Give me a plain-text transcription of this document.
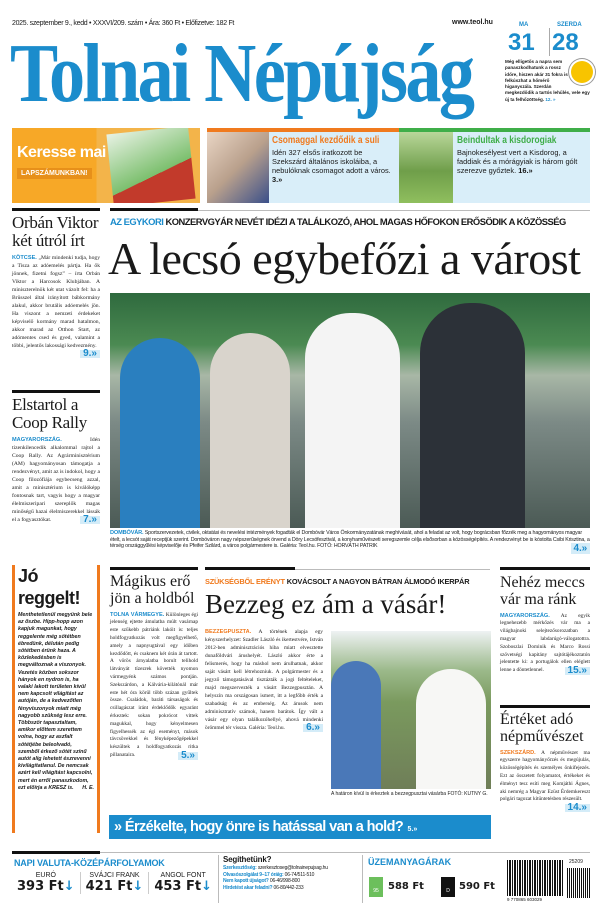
2025. szeptember 9., kedd • XXXVI/209. szám • Ára: 360 Ft • Előfizetve: 182 Ft	www.teol.hu
Tolnai Népújság
MA	SZERDA
31 28
Még elligetős a napra sem panaszkodhatunk a rossz időre, hiszen akár 31 fokra is felkúszhat a hőmérő higanyszála. Szerdán megkezdődik a tartós lehűlés, vele egy új ta felhőzöttség. 12. »
Keresse mai
LAPSZÁMUNKBAN!
Csomaggal kezdődik a suli
Idén 327 elsős iratkozott be Szekszárd általános iskoláiba, a nebulóknak csomagot adott a város. 3.»
Beindultak a kisdorogiak
Bajnokesélyest vert a Kisdorog, a faddiak és a mórágyiak is három gólt szerezve győztek. 16.»
Orbán Viktor két útról írt
KÖTCSE. „Már mindenki tudja, hogy a Tisza az adóemelés pártja. Ha ők jönnek, fizetni fogsz” – írta Orbán Viktor a Harcosok Klubjában. A miniszterelnök két utat vázolt fel: ha a Brüsszel által irányított bábkormány alakul, akkor brutális adóemelés jön. Ha viszont a nemzeti érdekeket képviselő kormány marad hatalmon, akkor marad az Otthon Start, az adómentes csed és gyed, valamint a többi, jelentős lakossági kedvezmény.
9.»
Elstartol a Coop Rally
MAGYARORSZÁG.	Idén tizenkilencedik alkalommal rajtol a Coop Rally. Az Agrárminisztérium (AM) hagyományosan támogatja a rendezvényt, amit az is indokol, hogy a Coop filozófiája egybecseng azzal, amit a minisztérium is kiválóképp fontosnak tart, vagyis hogy a magyar élelmiszeripari szereplők magas minőségű hazai élelmiszerekkel lássák el a fogyasztókat.	7.»
AZ EGYKORI KONZERVGYÁR NEVÉT IDÉZI A TALÁLKOZÓ, AHOL MAGAS HŐFOKON ERŐSÖDIK A KÖZÖSSÉG
A lecsó egybefőzi a várost
DOMBÓVÁR. Sportszervezetek, civilek, oktatási és nevelési intézmények fogadták el Dombóvár Város Önkormányzatának meghívását, ahol a feladat az volt, hogy bográcsban főzzék meg a hagyományos magyar ételt, a lecsót saját receptjük szerint. Dombóváron nagy népszerűségnek örvend a Döry Lecsófesztivál, a konyhaművészeti seregszemle célja elsősorban a közösségépítés. A rendezvényt be is kóstolta Csibi Krisztina, a térség országgyűlési képviselője és Pfeifer Szilárd, a város polgármestere is. Galéria: Teol.hu. FOTÓ: HORVÁTH PATRIK	4.»
Jó reggelt!
Menthetetlenül megyünk bele az őszbe. Hipp-hopp azon kapjuk magunkat, hogy reggelente még sötétben ébredünk, délután pedig sötétben érünk haza. A közlekedésben is megváltoznak a viszonyok. Vezetés közben sokszor hányok en nydron is, ha valaki lakott területen kívül nem kapcsolt világítást az autóján, de a kedvezőtlen fényviszonyok miatt még nagyobb szükség lesz erre. Többször tapasztaltam, amikor előttem szerettem volna, hogy az aszfalt sötétjébe beleolvadó, szemből érkező sötét színű autót alig lehetett észrevenni kivilágítatlanul. De nemcsak azért kell világítást kapcsolni, mert én erről panaszkodom, ezt előírja a KRESZ is. H. E.
Mágikus erő jön a holdból
TOLNA VÁRMEGYE. Különleges égi jelenség ejtette ámulatba múlt vasárnap este szűkebb pátriánk lakóit is: teljes holdfogyatkozás volt megfigyelhető, amely a napnyugtával egy időben kezdődött, és csaknem két órán át tartott. A vörös árnyalatba borult telihold látványát tízezrek követték nyomon vármegyénk számos pontján. Szekszárdon, a Kálvária-kilátónál már este hét óra körül több százan gyűltek össze. Családok, baráti társaságok és csillagászat iránt érdeklődők egyaránt érkeztek: sokan pokrócot vittek magukkal, hogy kényelmesen figyelhessék az égi eseményt, mások távcsövekkel és fényképezőgépekkel készültek a holdfogyatkozás ritka pillanataira.	5.»
SZÜKSÉGBŐL ERÉNYT KOVÁCSOLT A NAGYON BÁTRAN ÁLMODÓ IKERPÁR
Bezzeg ez ám a vásár!
BEZZEGPUSZTA. A történek alapja egy kényszerhelyzet: Szadler László és ikertestvére, István 2012-ben adminisztrációs hiba miatt elvesztette dunaföldvári árushelyét. László akkor érte a felismerés, hogy ha máshol nem árulhatnak, akkor saját vásárt kell létrehozniuk. A polgármester és a jegyző támogatásával tisztázták a jogi feltételeket, majd megszervezték a vásárt Bezzegpusztán. A helyszín ma országosan ismert, itt a legfőbb érték a szabadság és az emberség. Az árusok nem adminisztratív számok, hanem barátok. Így vált a vásár egy olyan találkozóhellyé, ahová mindenki örömmel tér vissza. Galéria: Teol.hu.	6.»
A határon kívül is érkeztek a bezzegpusztai vásárba FOTÓ: KUTNY G.
Nehéz meccs vár ma ránk
MAGYARORSZÁG. Az egyik legnehezebb mérkőzés vár ma a világbajnoki selejtezősorozatban a magyar labdarúgó-válogatottra. Szoboszlai Dominik és Marco Rossi szövetségi kapitány sajtótájékoztatón jelentette ki: a portugálok ellen eléglett lenne a döntetlennel.	15.»
Értéket adó népművészet
SZEKSZÁRD. A népművészet ma egyszerre hagyományőrzés és megújulás, közösségépítés és személyes önkifejezés. Ezt az összetett folyamatot, értékeket és élményt tesz esíti meg Komjáthi Ágnes, aki nemrég a Magyar Ezüst Érdemkereszt polgári tagozat kitüntetésben részesült.
14.»
» Érzékelte, hogy önre is hatással van a hold? 5.»
NAPI VALUTA-KÖZÉPÁRFOLYAMOK
EURÓ
393 Ft↓
SVÁJCI FRANK
421 Ft↓
ANGOL FONT
453 Ft↓
Segíthetünk?
Szerkesztőség: szerkesztoseg@tolnainepujsag.hu
Olvasószolgálat 9–17 óráig: 06-74/511-510
Nem kapott újságot? 06-46/998-800
Hirdetést akar feladni? 06-80/442-233
ÜZEMANYAGÁRAK
95 588 Ft	D 590 Ft
25209
9 770865 603029
